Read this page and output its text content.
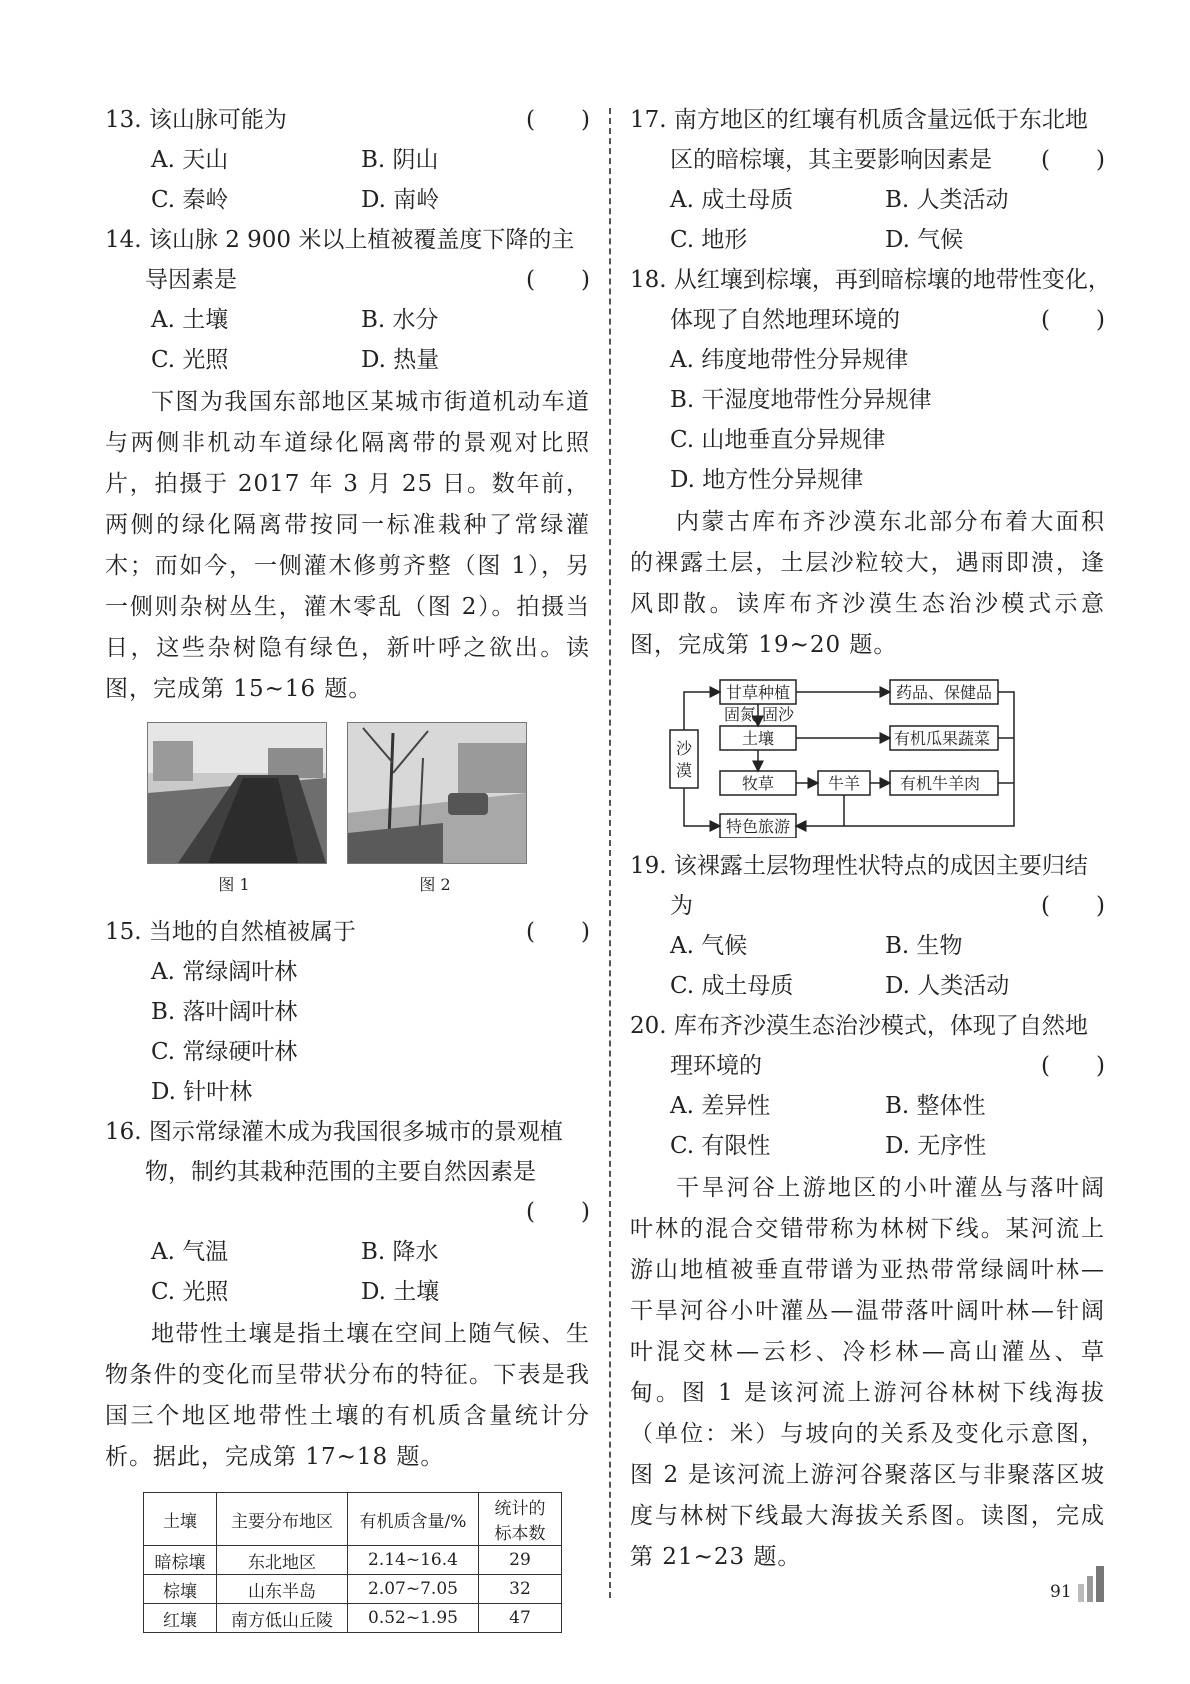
13. 该山脉可能为	(　　)
A. 天山	B. 阴山
C. 秦岭	D. 南岭
14. 该山脉 2 900 米以上植被覆盖度下降的主
导因素是	(　　)
A. 土壤	B. 水分
C. 光照	D. 热量

下图为我国东部地区某城市街道机动车道与两侧非机动车道绿化隔离带的景观对比照片，拍摄于 2017 年 3 月 25 日。数年前，两侧的绿化隔离带按同一标准栽种了常绿灌木；而如今，一侧灌木修剪齐整（图 1），另一侧则杂树丛生，灌木零乱（图 2）。拍摄当日，这些杂树隐有绿色，新叶呼之欲出。读图，完成第 15~16 题。

图 1	图 2
15. 当地的自然植被属于	(　　)
A. 常绿阔叶林
B. 落叶阔叶林
C. 常绿硬叶林
D. 针叶林
16. 图示常绿灌木成为我国很多城市的景观植
物，制约其栽种范围的主要自然因素是
(　　)
A. 气温	B. 降水
C. 光照	D. 土壤

地带性土壤是指土壤在空间上随气候、生物条件的变化而呈带状分布的特征。下表是我国三个地区地带性土壤的有机质含量统计分析。据此，完成第 17~18 题。

土壤	主要分布地区	有机质含量/%	统计的
标本数
暗棕壤	东北地区	2.14~16.4	29
棕壤	山东半岛	2.07~7.05	32
红壤	南方低山丘陵	0.52~1.95	47
17. 南方地区的红壤有机质含量远低于东北地
区的暗棕壤，其主要影响因素是 (　　)
A. 成土母质	B. 人类活动
C. 地形	D. 气候
18. 从红壤到棕壤，再到暗棕壤的地带性变化，
体现了自然地理环境的	(　　)
A. 纬度地带性分异规律
B. 干湿度地带性分异规律
C. 山地垂直分异规律
D. 地方性分异规律

内蒙古库布齐沙漠东北部分布着大面积的裸露土层，土层沙粒较大，遇雨即溃，逢风即散。读库布齐沙漠生态治沙模式示意图，完成第 19~20 题。

沙
漠
甘草种植
固氮 固沙
土壤
牧草	牛羊
特色旅游
药品、保健品
有机瓜果蔬菜
有机牛羊肉
19. 该裸露土层物理性状特点的成因主要归结
为	(　　)
A. 气候	B. 生物
C. 成土母质	D. 人类活动
20. 库布齐沙漠生态治沙模式，体现了自然地
理环境的	(　　)
A. 差异性	B. 整体性
C. 有限性	D. 无序性

干旱河谷上游地区的小叶灌丛与落叶阔叶林的混合交错带称为林树下线。某河流上游山地植被垂直带谱为亚热带常绿阔叶林—干旱河谷小叶灌丛—温带落叶阔叶林—针阔叶混交林—云杉、冷杉林—高山灌丛、草甸。图 1 是该河流上游河谷林树下线海拔（单位：米）与坡向的关系及变化示意图，图 2 是该河流上游河谷聚落区与非聚落区坡度与林树下线最大海拔关系图。读图，完成第 21~23 题。

91
